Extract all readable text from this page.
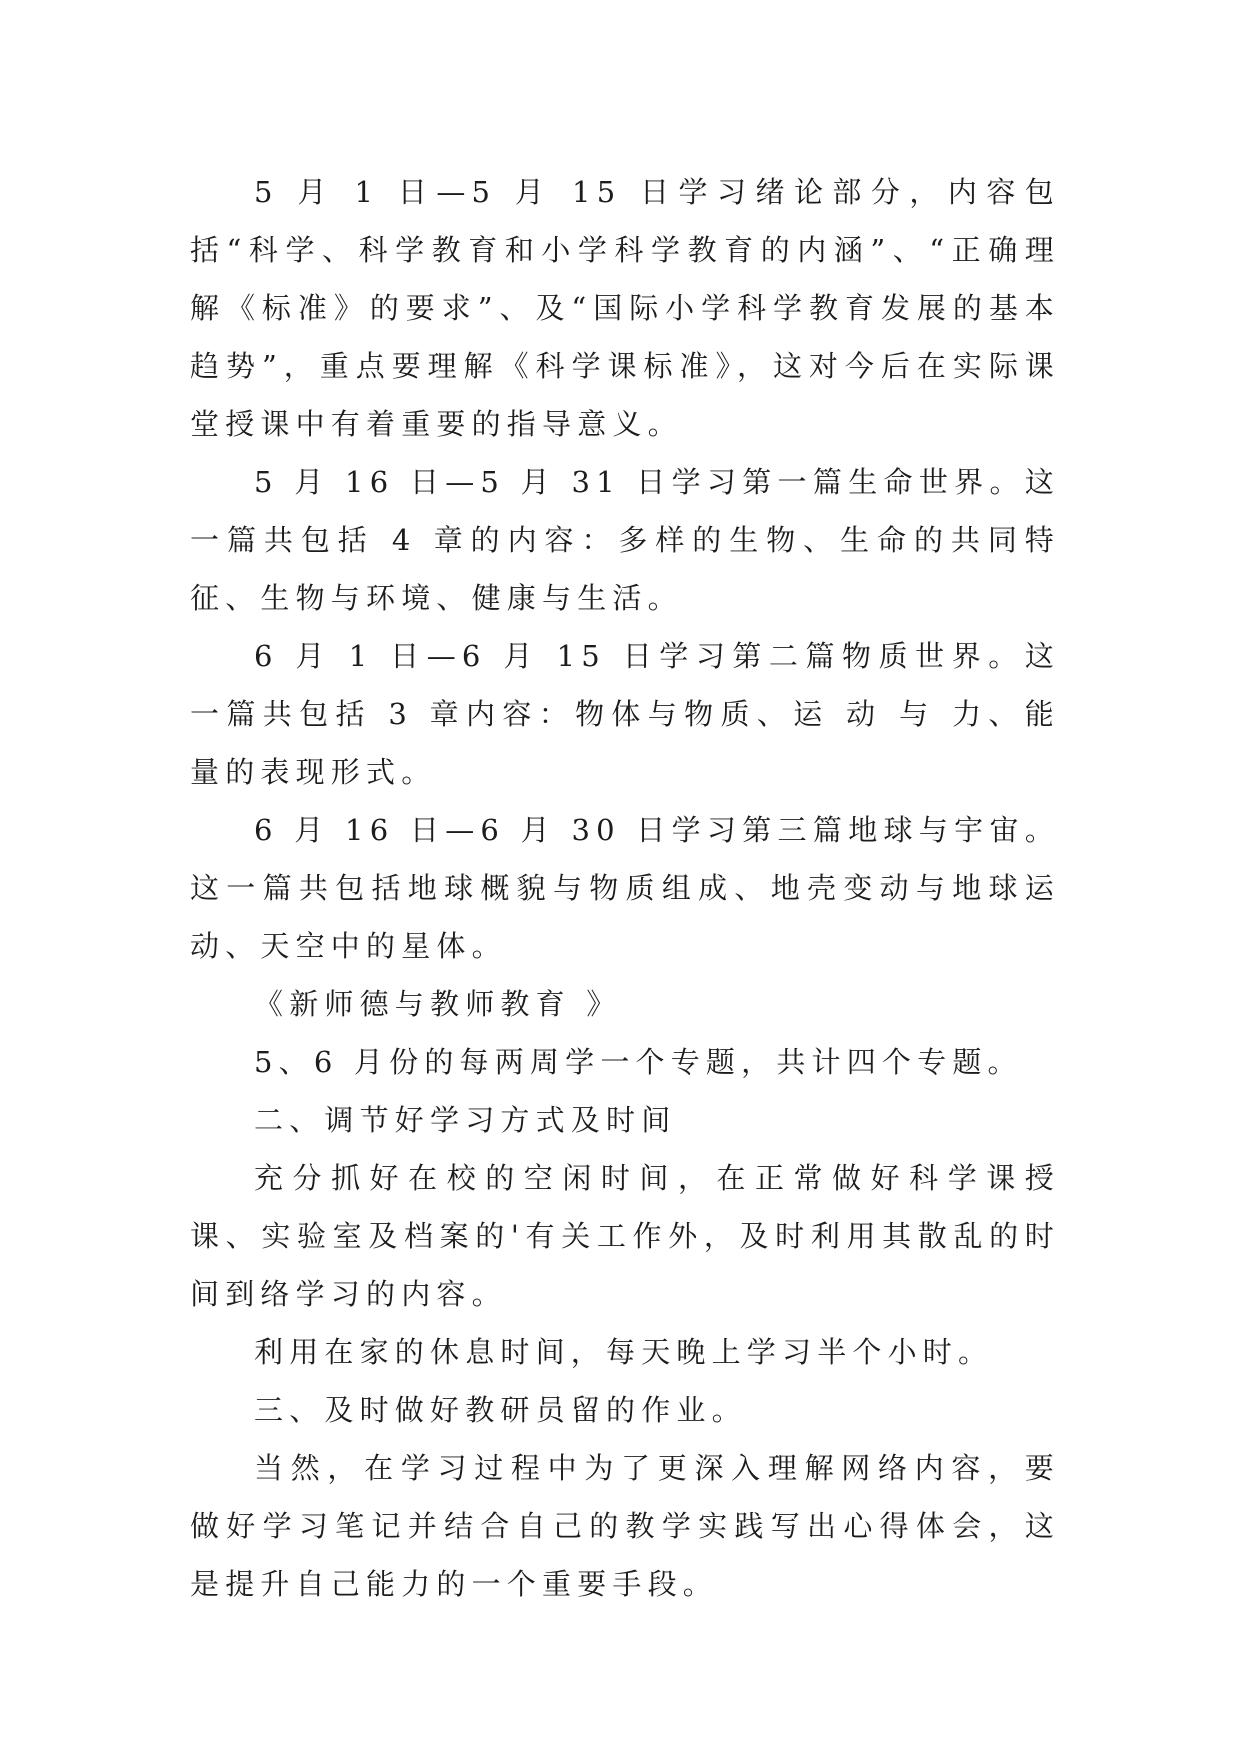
5 月 1 日—5 月 15 日学习绪论部分，内容包括“科学、科学教育和小学科学教育的内涵”、“正确理解《标准》的要求”、及“国际小学科学教育发展的基本趋势”，重点要理解《科学课标准》，这对今后在实际课堂授课中有着重要的指导意义。

5 月 16 日—5 月 31 日学习第一篇生命世界。这一篇共包括 4 章的内容：多样的生物、生命的共同特征、生物与环境、健康与生活。

6 月 1 日—6 月 15 日学习第二篇物质世界。这一篇共包括 3 章内容：物体与物质、运 动 与 力、能量的表现形式。

6 月 16 日—6 月 30 日学习第三篇地球与宇宙。这一篇共包括地球概貌与物质组成、地壳变动与地球运动、天空中的星体。

《新师德与教师教育 》

5、6 月份的每两周学一个专题，共计四个专题。

二、调节好学习方式及时间

充分抓好在校的空闲时间，在正常做好科学课授课、实验室及档案的'有关工作外，及时利用其散乱的时间到络学习的内容。

利用在家的休息时间，每天晚上学习半个小时。

三、及时做好教研员留的作业。

当然，在学习过程中为了更深入理解网络内容，要做好学习笔记并结合自己的教学实践写出心得体会，这是提升自己能力的一个重要手段。
